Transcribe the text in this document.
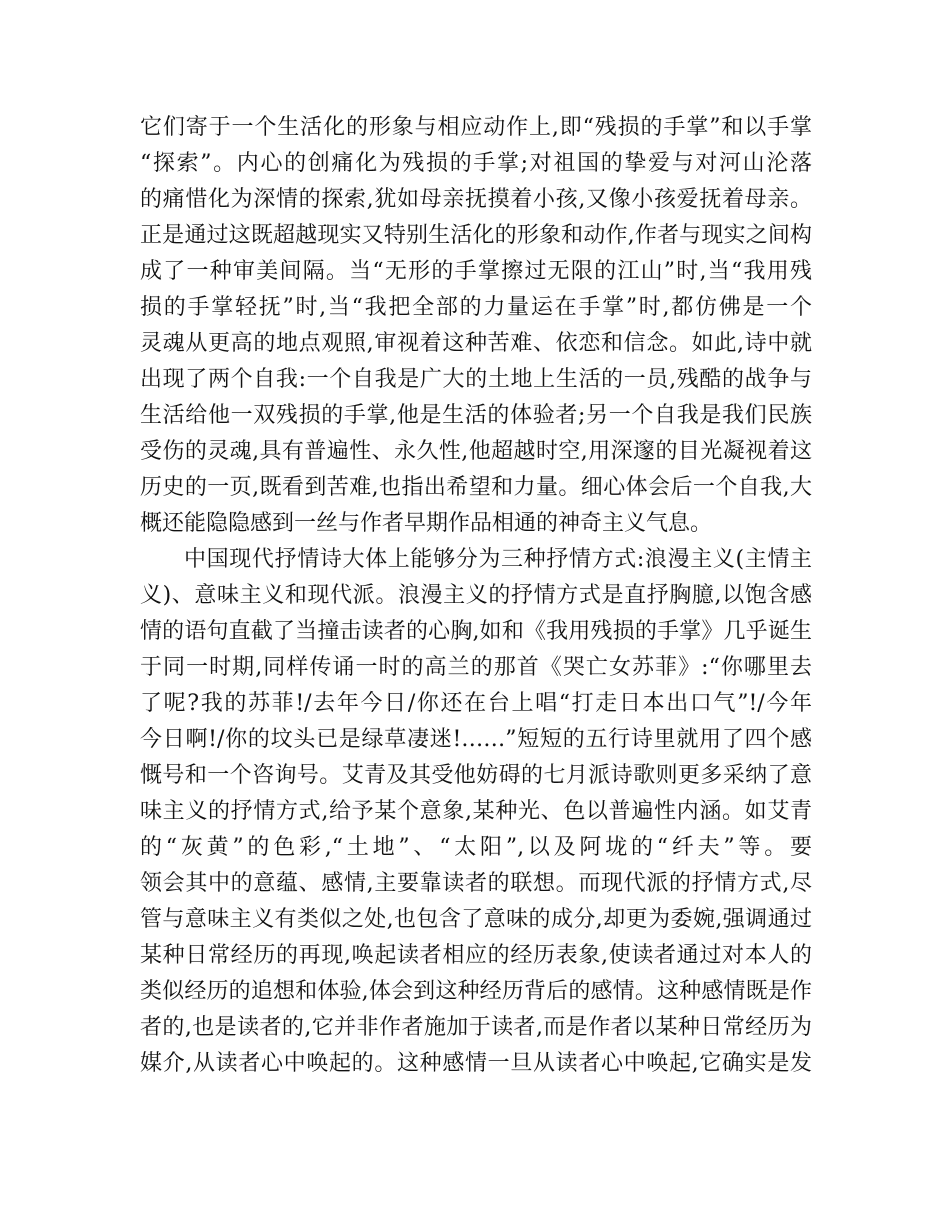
它们寄于一个生活化的形象与相应动作上,即“残损的手掌”和以手掌
“探索”。内心的创痛化为残损的手掌;对祖国的挚爱与对河山沦落
的痛惜化为深情的探索,犹如母亲抚摸着小孩,又像小孩爱抚着母亲。
正是通过这既超越现实又特别生活化的形象和动作,作者与现实之间构
成了一种审美间隔。当“无形的手掌擦过无限的江山”时,当“我用残
损的手掌轻抚”时,当“我把全部的力量运在手掌”时,都仿佛是一个
灵魂从更高的地点观照,审视着这种苦难、依恋和信念。如此,诗中就
出现了两个自我:一个自我是广大的土地上生活的一员,残酷的战争与
生活给他一双残损的手掌,他是生活的体验者;另一个自我是我们民族
受伤的灵魂,具有普遍性、永久性,他超越时空,用深邃的目光凝视着这
历史的一页,既看到苦难,也指出希望和力量。细心体会后一个自我,大
概还能隐隐感到一丝与作者早期作品相通的神奇主义气息。
中国现代抒情诗大体上能够分为三种抒情方式:浪漫主义(主情主
义)、意味主义和现代派。浪漫主义的抒情方式是直抒胸臆,以饱含感
情的语句直截了当撞击读者的心胸,如和《我用残损的手掌》几乎诞生
于同一时期,同样传诵一时的高兰的那首《哭亡女苏菲》:“你哪里去
了呢?我的苏菲!/去年今日/你还在台上唱“打走日本出口气”!/今年
今日啊!/你的坟头已是绿草凄迷!……”短短的五行诗里就用了四个感
慨号和一个咨询号。艾青及其受他妨碍的七月派诗歌则更多采纳了意
味主义的抒情方式,给予某个意象,某种光、色以普遍性内涵。如艾青
的“灰黄”的色彩,“土地”、“太阳”,以及阿垅的“纤夫”等。要
领会其中的意蕴、感情,主要靠读者的联想。而现代派的抒情方式,尽
管与意味主义有类似之处,也包含了意味的成分,却更为委婉,强调通过
某种日常经历的再现,唤起读者相应的经历表象,使读者通过对本人的
类似经历的追想和体验,体会到这种经历背后的感情。这种感情既是作
者的,也是读者的,它并非作者施加于读者,而是作者以某种日常经历为
媒介,从读者心中唤起的。这种感情一旦从读者心中唤起,它确实是发
